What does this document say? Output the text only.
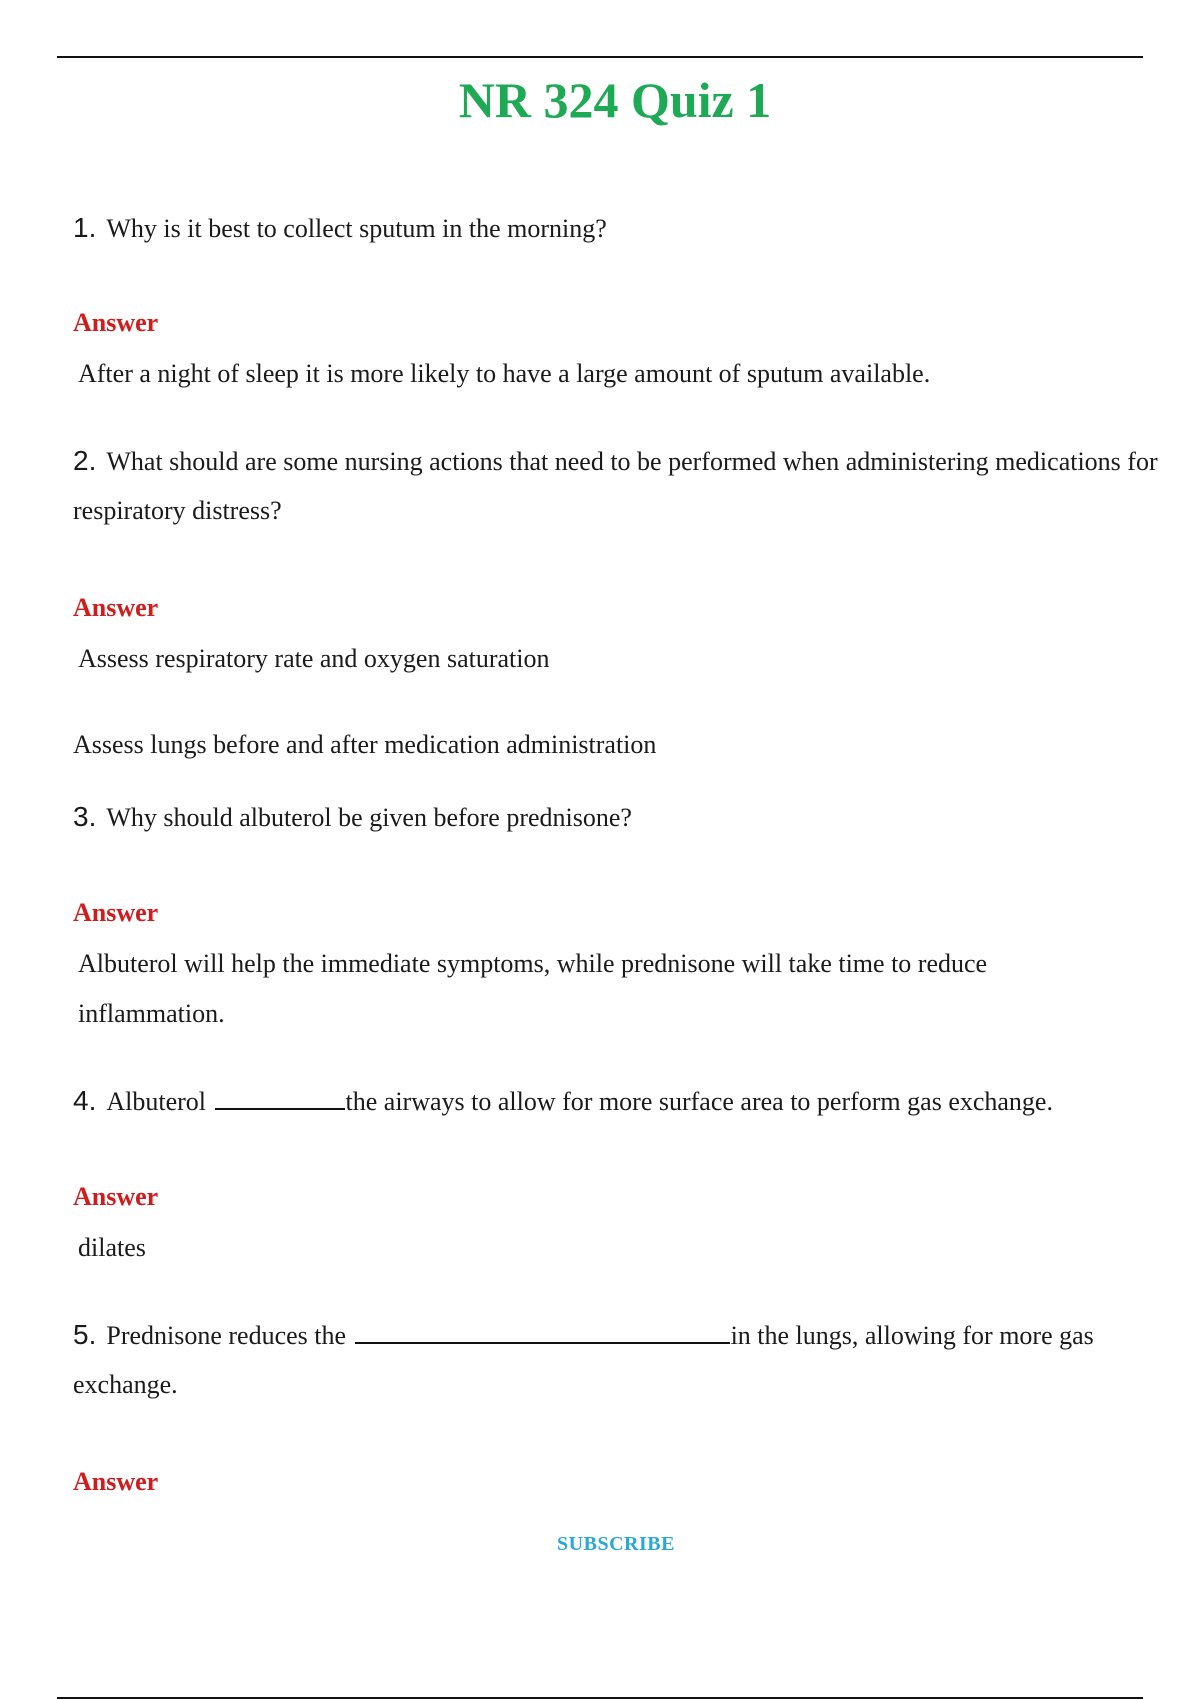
NR 324 Quiz 1
1. Why is it best to collect sputum in the morning?
Answer
After a night of sleep it is more likely to have a large amount of sputum available.
2. What should are some nursing actions that need to be performed when administering medications for respiratory distress?
Answer
Assess respiratory rate and oxygen saturation
Assess lungs before and after medication administration
3. Why should albuterol be given before prednisone?
Answer
Albuterol will help the immediate symptoms, while prednisone will take time to reduce inflammation.
4. Albuterol	the airways to allow for more surface area to perform gas exchange.
Answer
dilates
5. Prednisone reduces the	in the lungs, allowing for more gas exchange.
Answer
SUBSCRIBE
